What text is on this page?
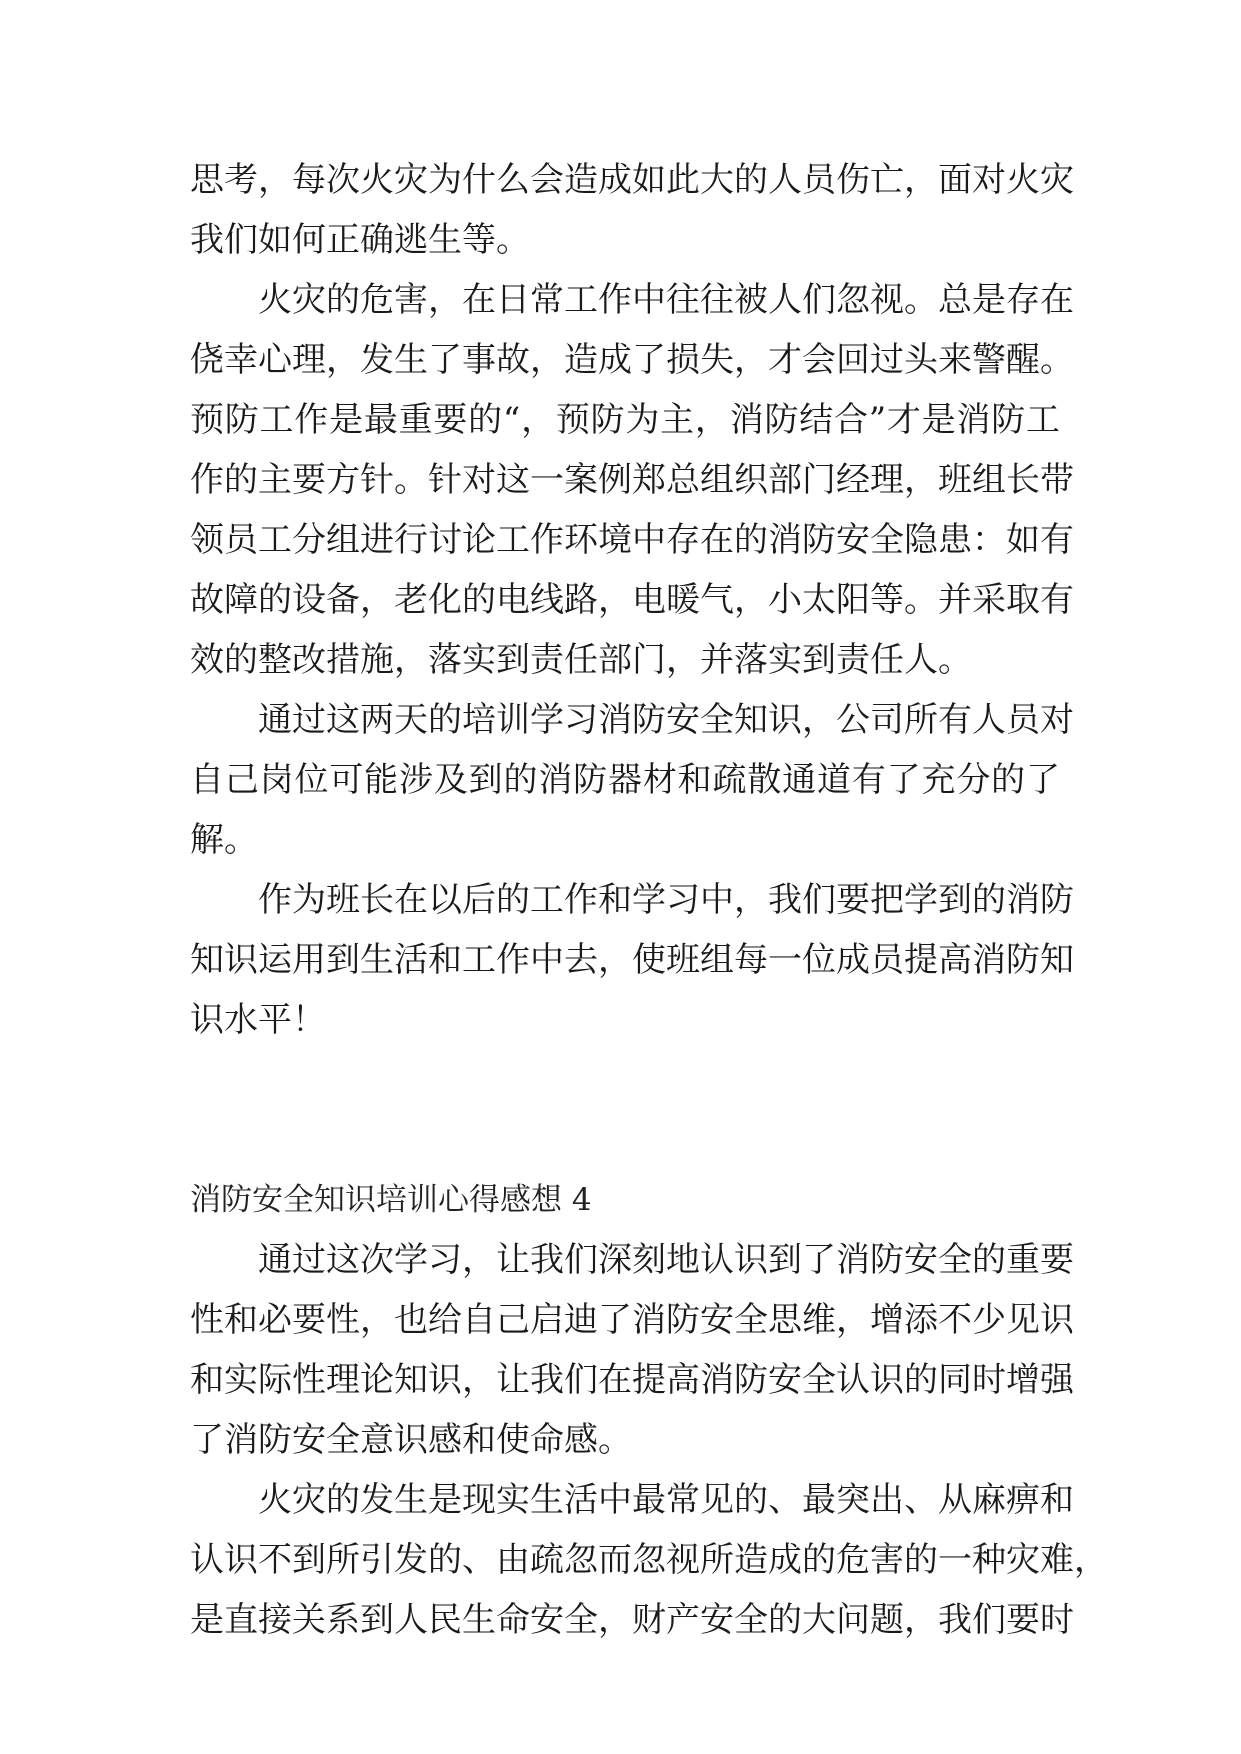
思考，每次火灾为什么会造成如此大的人员伤亡，面对火灾
我们如何正确逃生等。
火灾的危害，在日常工作中往往被人们忽视。总是存在
侥幸心理，发生了事故，造成了损失，才会回过头来警醒。
预防工作是最重要的“，预防为主，消防结合”才是消防工
作的主要方针。针对这一案例郑总组织部门经理，班组长带
领员工分组进行讨论工作环境中存在的消防安全隐患：如有
故障的设备，老化的电线路，电暖气，小太阳等。并采取有
效的整改措施，落实到责任部门，并落实到责任人。
通过这两天的培训学习消防安全知识，公司所有人员对
自己岗位可能涉及到的消防器材和疏散通道有了充分的了
解。
作为班长在以后的工作和学习中，我们要把学到的消防
知识运用到生活和工作中去，使班组每一位成员提高消防知
识水平！
消防安全知识培训心得感想 4
通过这次学习，让我们深刻地认识到了消防安全的重要
性和必要性，也给自己启迪了消防安全思维，增添不少见识
和实际性理论知识，让我们在提高消防安全认识的同时增强
了消防安全意识感和使命感。
火灾的发生是现实生活中最常见的、最突出、从麻痹和
认识不到所引发的、由疏忽而忽视所造成的危害的一种灾难，
是直接关系到人民生命安全，财产安全的大问题，我们要时
